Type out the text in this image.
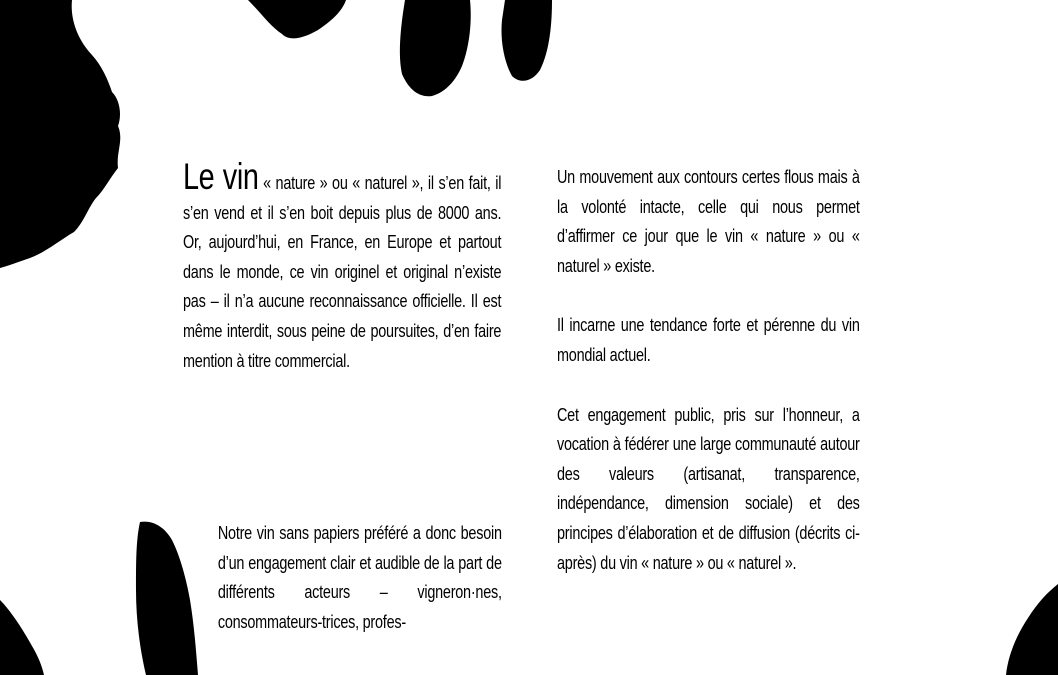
Le vin « nature » ou « naturel », il s’en fait, il s’en vend et il s’en boit depuis plus de 8000 ans. Or, aujourd’hui, en France, en Europe et partout dans le monde, ce vin originel et original n’existe pas – il n’a aucune reconnaissance officielle. Il est même interdit, sous peine de poursuites, d’en faire mention à titre commercial.

Notre vin sans papiers préféré a donc besoin d’un engagement clair et audible de la part de différents acteurs – vigneron·nes, consommateurs-trices, profes-

Un mouvement aux contours certes flous mais à la volonté intacte, celle qui nous permet d’affirmer ce jour que le vin « nature » ou « naturel » existe.

Il incarne une tendance forte et pérenne du vin mondial actuel.

Cet engagement public, pris sur l’honneur, a vocation à fédérer une large communauté autour des valeurs (artisanat, transparence, indépendance, dimension sociale) et des principes d’élaboration et de diffusion (décrits ci-après) du vin « nature » ou « naturel ».
